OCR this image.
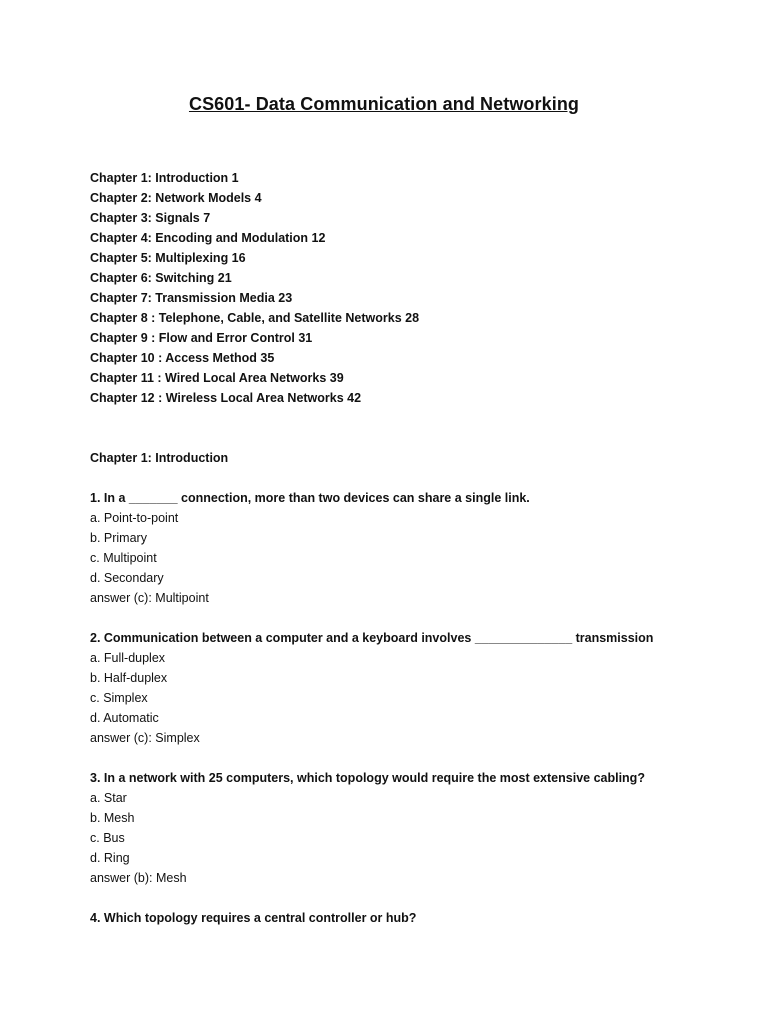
CS601- Data Communication and Networking
Chapter 1: Introduction 1
Chapter 2: Network Models 4
Chapter 3: Signals 7
Chapter 4: Encoding and Modulation 12
Chapter 5: Multiplexing 16
Chapter 6: Switching 21
Chapter 7: Transmission Media 23
Chapter 8 : Telephone, Cable, and Satellite Networks 28
Chapter 9 : Flow and Error Control 31
Chapter 10 : Access Method 35
Chapter 11 : Wired Local Area Networks 39
Chapter 12 : Wireless Local Area Networks 42
Chapter 1: Introduction
1. In a _______ connection, more than two devices can share a single link.
a. Point-to-point
b. Primary
c. Multipoint
d. Secondary
answer (c): Multipoint
2. Communication between a computer and a keyboard involves ______________ transmission
a. Full-duplex
b. Half-duplex
c. Simplex
d. Automatic
answer (c): Simplex
3. In a network with 25 computers, which topology would require the most extensive cabling?
a. Star
b. Mesh
c. Bus
d. Ring
answer (b): Mesh
4. Which topology requires a central controller or hub?
